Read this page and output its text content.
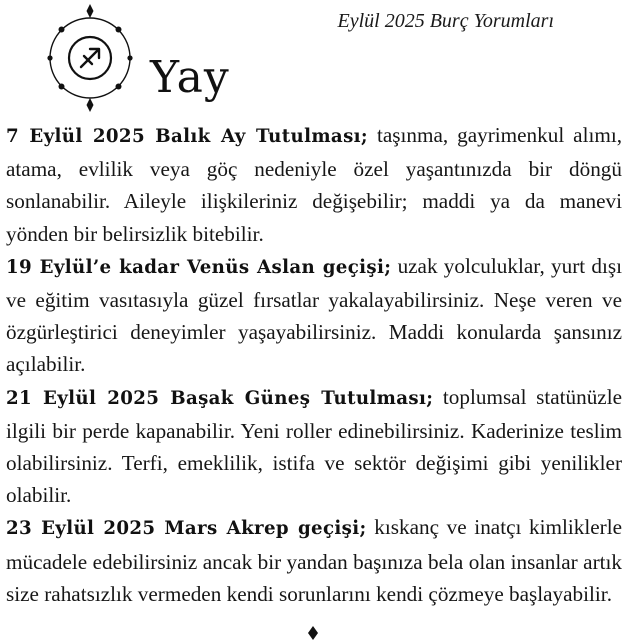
Yay
Eylül 2025 Burç Yorumları

7 Eylül 2025 Balık Ay Tutulması; taşınma, gayrimenkul alımı, atama, evlilik veya göç nedeniyle özel yaşantınızda bir döngü sonlanabilir. Aileyle ilişkileriniz değişebilir; maddi ya da manevi yönden bir belirsizlik bitebilir.

19 Eylül’e kadar Venüs Aslan geçişi; uzak yolculuklar, yurt dışı ve eğitim vasıtasıyla güzel fırsatlar yakalayabilirsiniz. Neşe veren ve özgürleştirici deneyimler yaşayabilirsiniz. Maddi konularda şansınız açılabilir.

21 Eylül 2025 Başak Güneş Tutulması; toplumsal statünüzle ilgili bir perde kapanabilir. Yeni roller edinebilirsiniz. Kaderinize teslim olabilirsiniz. Terfi, emeklilik, istifa ve sektör değişimi gibi yenilikler olabilir.

23 Eylül 2025 Mars Akrep geçişi; kıskanç ve inatçı kimliklerle mücadele edebilirsiniz ancak bir yandan başınıza bela olan insanlar artık size rahatsızlık vermeden kendi sorunlarını kendi çözmeye başlayabilir.
